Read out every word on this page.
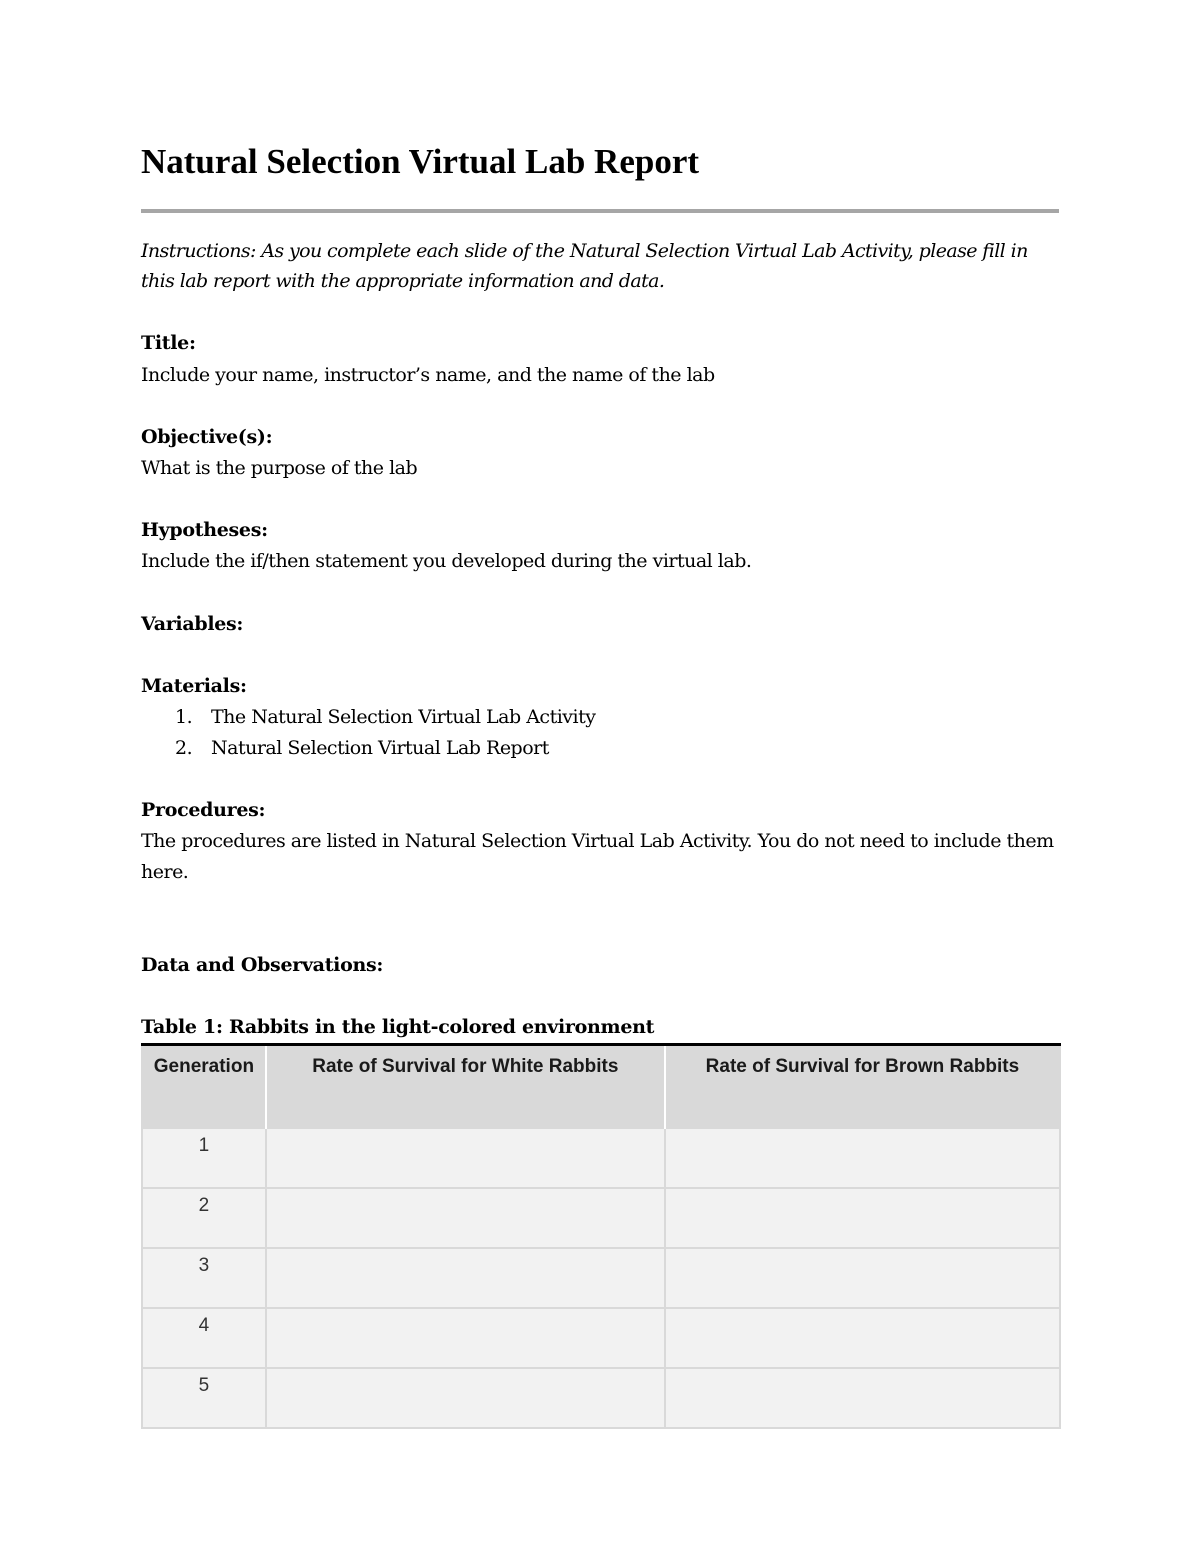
Natural Selection Virtual Lab Report

Instructions: As you complete each slide of the Natural Selection Virtual Lab Activity, please fill in this lab report with the appropriate information and data.

Title:

Include your name, instructor’s name, and the name of the lab

Objective(s):

What is the purpose of the lab

Hypotheses:

Include the if/then statement you developed during the virtual lab.

Variables:

Materials:

1. The Natural Selection Virtual Lab Activity
2. Natural Selection Virtual Lab Report

Procedures:

The procedures are listed in Natural Selection Virtual Lab Activity. You do not need to include them here.

Data and Observations:

Table 1: Rabbits in the light-colored environment

Generation	Rate of Survival for White Rabbits	Rate of Survival for Brown Rabbits
1		
2		
3		
4		
5		
